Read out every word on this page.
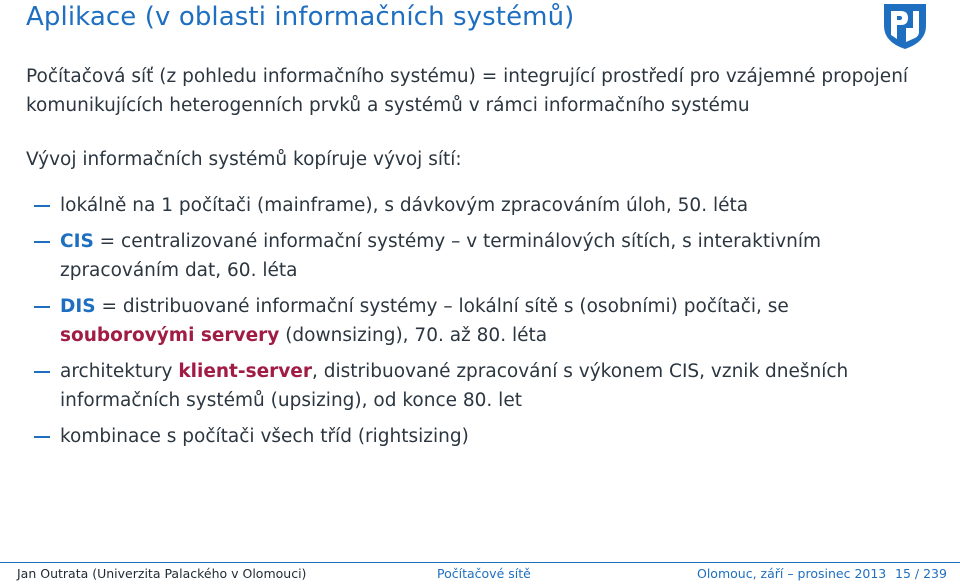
Aplikace (v oblasti informačních systémů)
Počítačová síť (z pohledu informačního systému) = integrující prostředí pro vzájemné propojení komunikujících heterogenních prvků a systémů v rámci informačního systému
Vývoj informačních systémů kopíruje vývoj sítí:
lokálně na 1 počítači (mainframe), s dávkovým zpracováním úloh, 50. léta
CIS = centralizované informační systémy – v terminálových sítích, s interaktivním zpracováním dat, 60. léta
DIS = distribuované informační systémy – lokální sítě s (osobními) počítači, se souborovými servery (downsizing), 70. až 80. léta
architektury klient-server, distribuované zpracování s výkonem CIS, vznik dnešních informačních systémů (upsizing), od konce 80. let
kombinace s počítači všech tříd (rightsizing)
Jan Outrata (Univerzita Palackého v Olomouci)	Počítačové sítě	Olomouc, září – prosinec 2013 15 / 239
